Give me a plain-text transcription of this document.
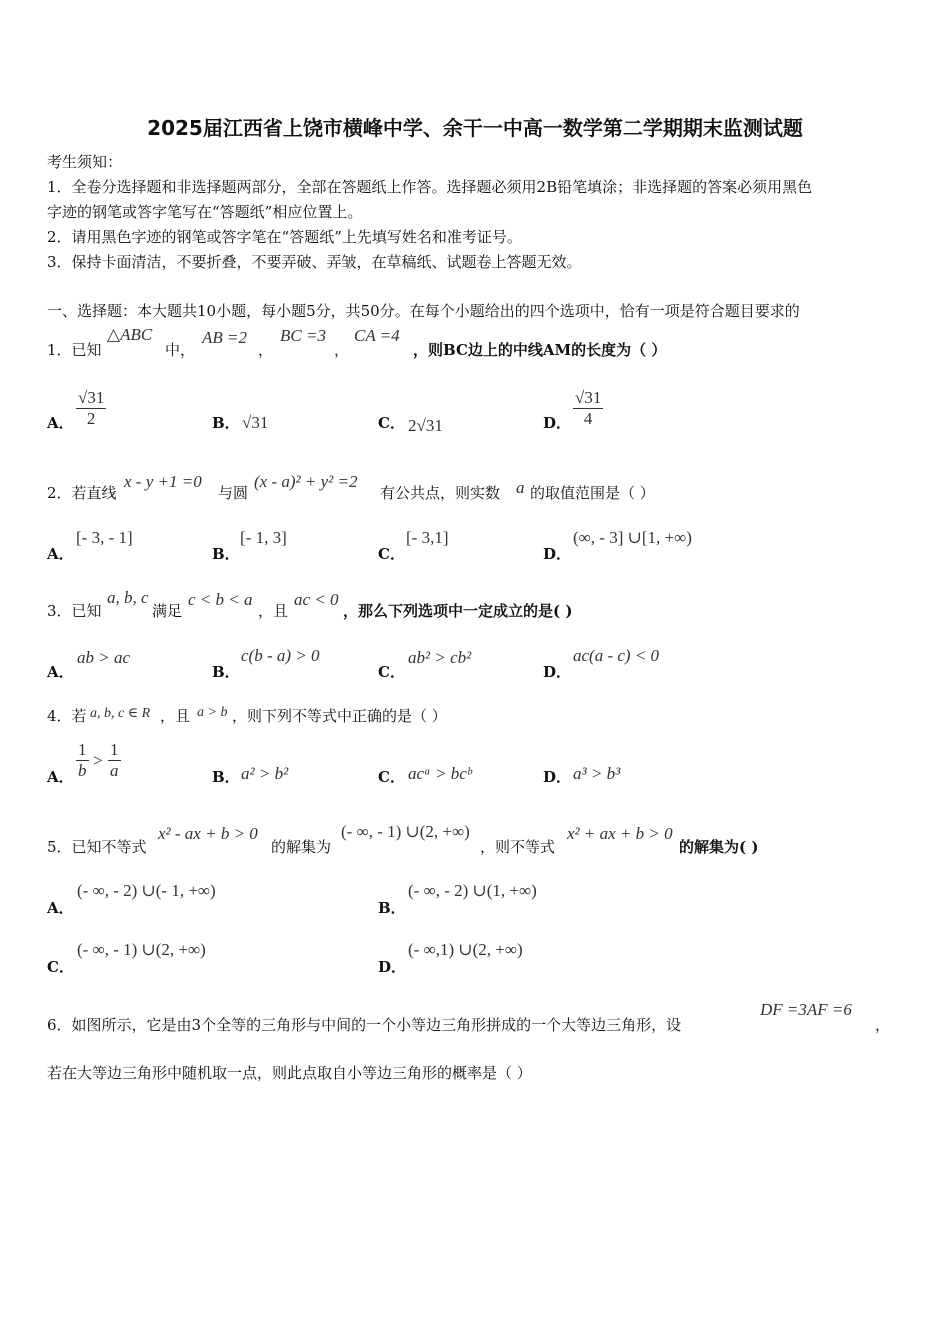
2025届江西省上饶市横峰中学、余干一中高一数学第二学期期末监测试题
考生须知：
1．全卷分选择题和非选择题两部分，全部在答题纸上作答。选择题必须用2B铅笔填涂；非选择题的答案必须用黑色
字迹的钢笔或答字笔写在“答题纸”相应位置上。
2．请用黑色字迹的钢笔或答字笔在“答题纸”上先填写姓名和准考证号。
3．保持卡面清洁，不要折叠，不要弄破、弄皱，在草稿纸、试题卷上答题无效。
一、选择题：本大题共10小题，每小题5分，共50分。在每个小题给出的四个选项中，恰有一项是符合题目要求的
1．已知
△ABC
中，
AB =2
，
BC =3
，
CA =4
，则BC边上的中线AM的长度为（ ）
A． $\frac{√31}{2}$	B． √31	C． 2√31	D． $\frac{√31}{4}$
2．若直线
x - y +1 =0
与圆
(x - a)² + y² =2
有公共点，则实数 a 的取值范围是（ ）
A．
[- 3, - 1]
B．
[- 1, 3]
C．
[- 3,1]
D．
(∞, - 3] ∪[1, +∞)
3．已知
a, b, c
满足
c < b < a
，且
ac < 0
，那么下列选项中一定成立的是( )
A．
ab > ac
B．
c(b - a) > 0
C．
ab² > cb²
D．
ac(a - c) < 0
4．若 a, b, c ∈ R ，且 a > b ，则下列不等式中正确的是（ ）
A． $\frac{1}{b} > \frac{1}{a}$	B． a² > b²	C． acᵃ > bcᵇ	D． a³ > b³
5．已知不等式
x² - ax + b > 0
的解集为
(- ∞, - 1) ∪(2, +∞)
，则不等式
x² + ax + b > 0
的解集为( )
A．
(- ∞, - 2) ∪(- 1, +∞)
B．
(- ∞, - 2) ∪(1, +∞)
C．
(- ∞, - 1) ∪(2, +∞)
D．
(- ∞,1) ∪(2, +∞)
6．如图所示，它是由3个全等的三角形与中间的一个小等边三角形拼成的一个大等边三角形，设
DF =3AF =6
，
若在大等边三角形中随机取一点，则此点取自小等边三角形的概率是（ ）
